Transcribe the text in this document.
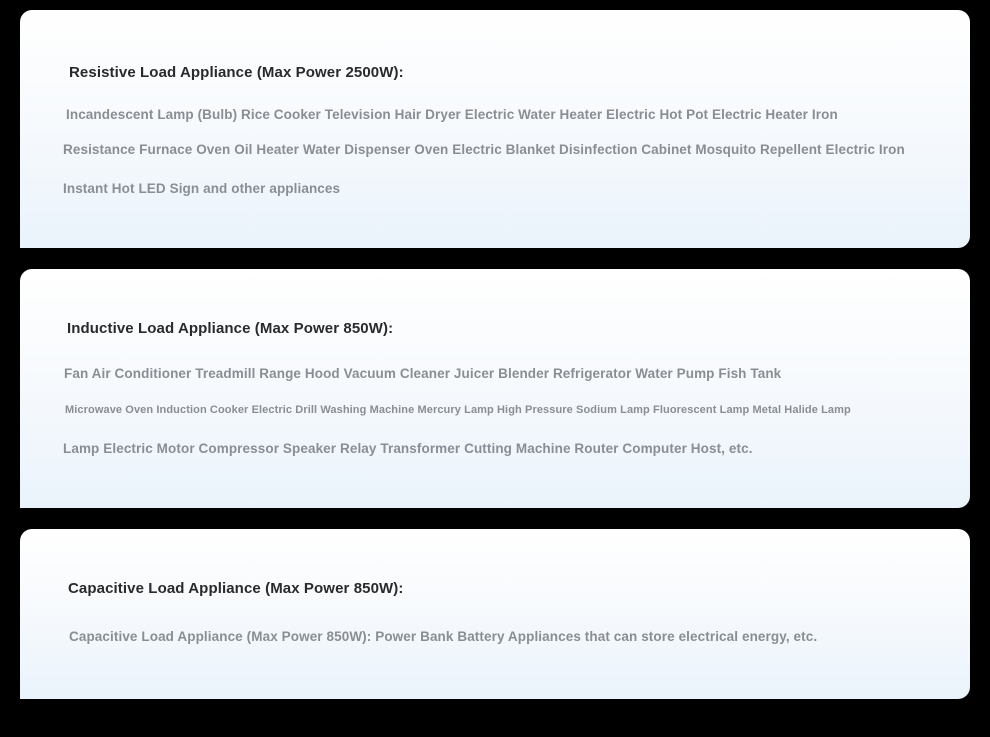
Resistive Load Appliance (Max Power 2500W):

Incandescent Lamp (Bulb) Rice Cooker Television Hair Dryer Electric Water Heater Electric Hot Pot Electric Heater Iron

Resistance Furnace Oven Oil Heater Water Dispenser Oven Electric Blanket Disinfection Cabinet Mosquito Repellent Electric Iron

Instant Hot LED Sign and other appliances

Inductive Load Appliance (Max Power 850W):

Fan Air Conditioner Treadmill Range Hood Vacuum Cleaner Juicer Blender Refrigerator Water Pump Fish Tank

Microwave Oven Induction Cooker Electric Drill Washing Machine Mercury Lamp High Pressure Sodium Lamp Fluorescent Lamp Metal Halide Lamp

Lamp Electric Motor Compressor Speaker Relay Transformer Cutting Machine Router Computer Host, etc.

Capacitive Load Appliance (Max Power 850W):

Capacitive Load Appliance (Max Power 850W): Power Bank Battery Appliances that can store electrical energy, etc.
